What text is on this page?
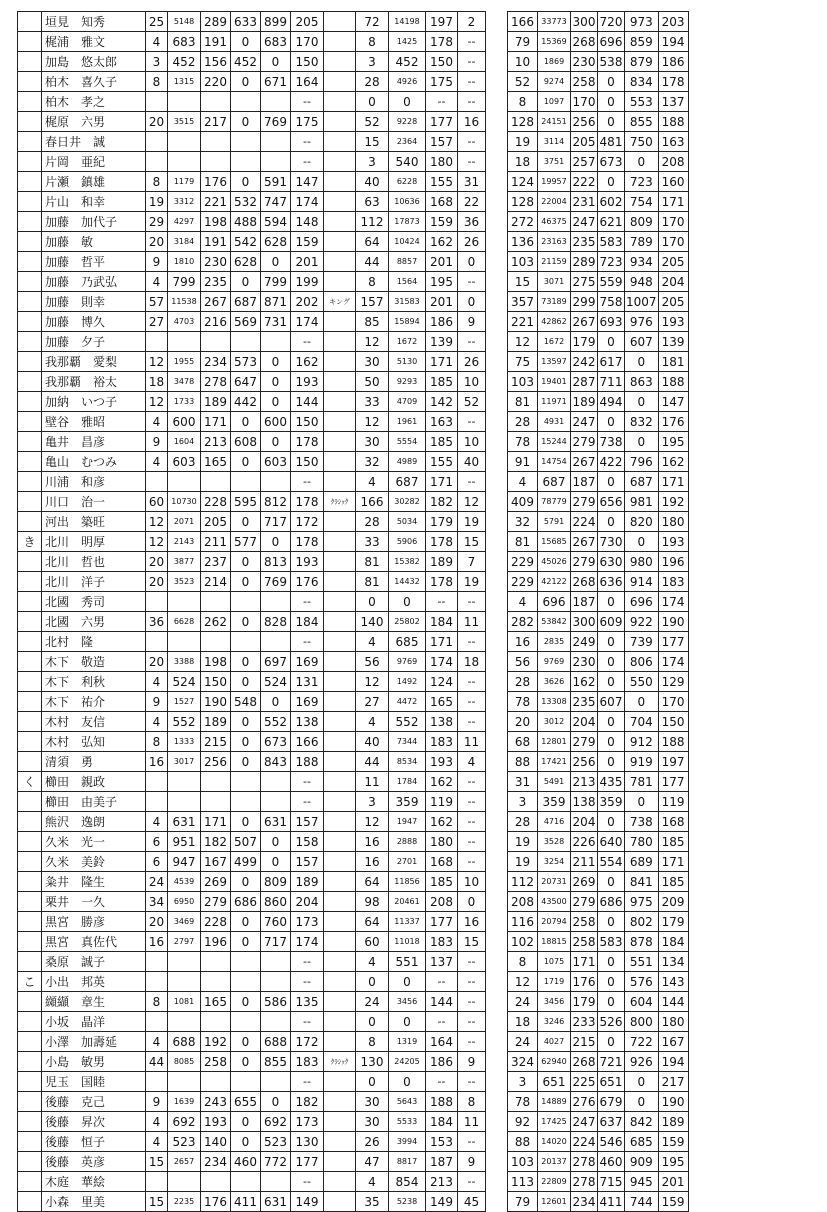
	垣見　知秀	25	5148	289	633	899	205		72	14198	197	2		166	33773	300	720	973	203
	梶浦　雅文	4	683	191	0	683	170		8	1425	178	--		79	15369	268	696	859	194
	加島　悠太郎	3	452	156	452	0	150		3	452	150	--		10	1869	230	538	879	186
	柏木　喜久子	8	1315	220	0	671	164		28	4926	175	--		52	9274	258	0	834	178
	柏木　孝之						--		0	0	--	--		8	1097	170	0	553	137
	梶原　六男	20	3515	217	0	769	175		52	9228	177	16		128	24151	256	0	855	188
	春日井　誠						--		15	2364	157	--		19	3114	205	481	750	163
	片岡　亜紀						--		3	540	180	--		18	3751	257	673	0	208
	片瀬　鎮雄	8	1179	176	0	591	147		40	6228	155	31		124	19957	222	0	723	160
	片山　和幸	19	3312	221	532	747	174		63	10636	168	22		128	22004	231	602	754	171
	加藤　加代子	29	4297	198	488	594	148		112	17873	159	36		272	46375	247	621	809	170
	加藤　敏	20	3184	191	542	628	159		64	10424	162	26		136	23163	235	583	789	170
	加藤　哲平	9	1810	230	628	0	201		44	8857	201	0		103	21159	289	723	934	205
	加藤　乃武弘	4	799	235	0	799	199		8	1564	195	--		15	3071	275	559	948	204
	加藤　則幸	57	11538	267	687	871	202	キング	157	31583	201	0		357	73189	299	758	1007	205
	加藤　博久	27	4703	216	569	731	174		85	15894	186	9		221	42862	267	693	976	193
	加藤　夕子						--		12	1672	139	--		12	1672	179	0	607	139
	我那覇　愛梨	12	1955	234	573	0	162		30	5130	171	26		75	13597	242	617	0	181
	我那覇　裕太	18	3478	278	647	0	193		50	9293	185	10		103	19401	287	711	863	188
	加納　いつ子	12	1733	189	442	0	144		33	4709	142	52		81	11971	189	494	0	147
	壁谷　雅昭	4	600	171	0	600	150		12	1961	163	--		28	4931	247	0	832	176
	亀井　昌彦	9	1604	213	608	0	178		30	5554	185	10		78	15244	279	738	0	195
	亀山　むつみ	4	603	165	0	603	150		32	4989	155	40		91	14754	267	422	796	162
	川浦　和彦						--		4	687	171	--		4	687	187	0	687	171
	川口　治一	60	10730	228	595	812	178	ｸﾗｼｯｸ	166	30282	182	12		409	78779	279	656	981	192
	河出　築旺	12	2071	205	0	717	172		28	5034	179	19		32	5791	224	0	820	180
き	北川　明厚	12	2143	211	577	0	178		33	5906	178	15		81	15685	267	730	0	193
	北川　哲也	20	3877	237	0	813	193		81	15382	189	7		229	45026	279	630	980	196
	北川　洋子	20	3523	214	0	769	176		81	14432	178	19		229	42122	268	636	914	183
	北國　秀司						--		0	0	--	--		4	696	187	0	696	174
	北國　六男	36	6628	262	0	828	184		140	25802	184	11		282	53842	300	609	922	190
	北村　隆						--		4	685	171	--		16	2835	249	0	739	177
	木下　敬造	20	3388	198	0	697	169		56	9769	174	18		56	9769	230	0	806	174
	木下　利秋	4	524	150	0	524	131		12	1492	124	--		28	3626	162	0	550	129
	木下　祐介	9	1527	190	548	0	169		27	4472	165	--		78	13308	235	607	0	170
	木村　友信	4	552	189	0	552	138		4	552	138	--		20	3012	204	0	704	150
	木村　弘知	8	1333	215	0	673	166		40	7344	183	11		68	12801	279	0	912	188
	清須　勇	16	3017	256	0	843	188		44	8534	193	4		88	17421	256	0	919	197
く	櫛田　親政						--		11	1784	162	--		31	5491	213	435	781	177
	櫛田　由美子						--		3	359	119	--		3	359	138	359	0	119
	熊沢　逸朗	4	631	171	0	631	157		12	1947	162	--		28	4716	204	0	738	168
	久米　光一	6	951	182	507	0	158		16	2888	180	--		19	3528	226	640	780	185
	久米　美鈴	6	947	167	499	0	157		16	2701	168	--		19	3254	211	554	689	171
	粂井　隆生	24	4539	269	0	809	189		64	11856	185	10		112	20731	269	0	841	185
	栗井　一久	34	6950	279	686	860	204		98	20461	208	0		208	43500	279	686	975	209
	黒宮　勝彦	20	3469	228	0	760	173		64	11337	177	16		116	20794	258	0	802	179
	黒宮　真佐代	16	2797	196	0	717	174		60	11018	183	15		102	18815	258	583	878	184
	桑原　誠子						--		4	551	137	--		8	1075	171	0	551	134
こ	小出　邦英						--		0	0	--	--		12	1719	176	0	576	143
	纐纈　章生	8	1081	165	0	586	135		24	3456	144	--		24	3456	179	0	604	144
	小坂　晶洋						--		0	0	--	--		18	3246	233	526	800	180
	小澤　加壽延	4	688	192	0	688	172		8	1319	164	--		24	4027	215	0	722	167
	小島　敏男	44	8085	258	0	855	183	ｸﾗｼｯｸ	130	24205	186	9		324	62940	268	721	926	194
	児玉　国睦						--		0	0	--	--		3	651	225	651	0	217
	後藤　克己	9	1639	243	655	0	182		30	5643	188	8		78	14889	276	679	0	190
	後藤　昇次	4	692	193	0	692	173		30	5533	184	11		92	17425	247	637	842	189
	後藤　恒子	4	523	140	0	523	130		26	3994	153	--		88	14020	224	546	685	159
	後藤　英彦	15	2657	234	460	772	177		47	8817	187	9		103	20137	278	460	909	195
	木庭　華絵						--		4	854	213	--		113	22809	278	715	945	201
	小森　里美	15	2235	176	411	631	149		35	5238	149	45		79	12601	234	411	744	159
